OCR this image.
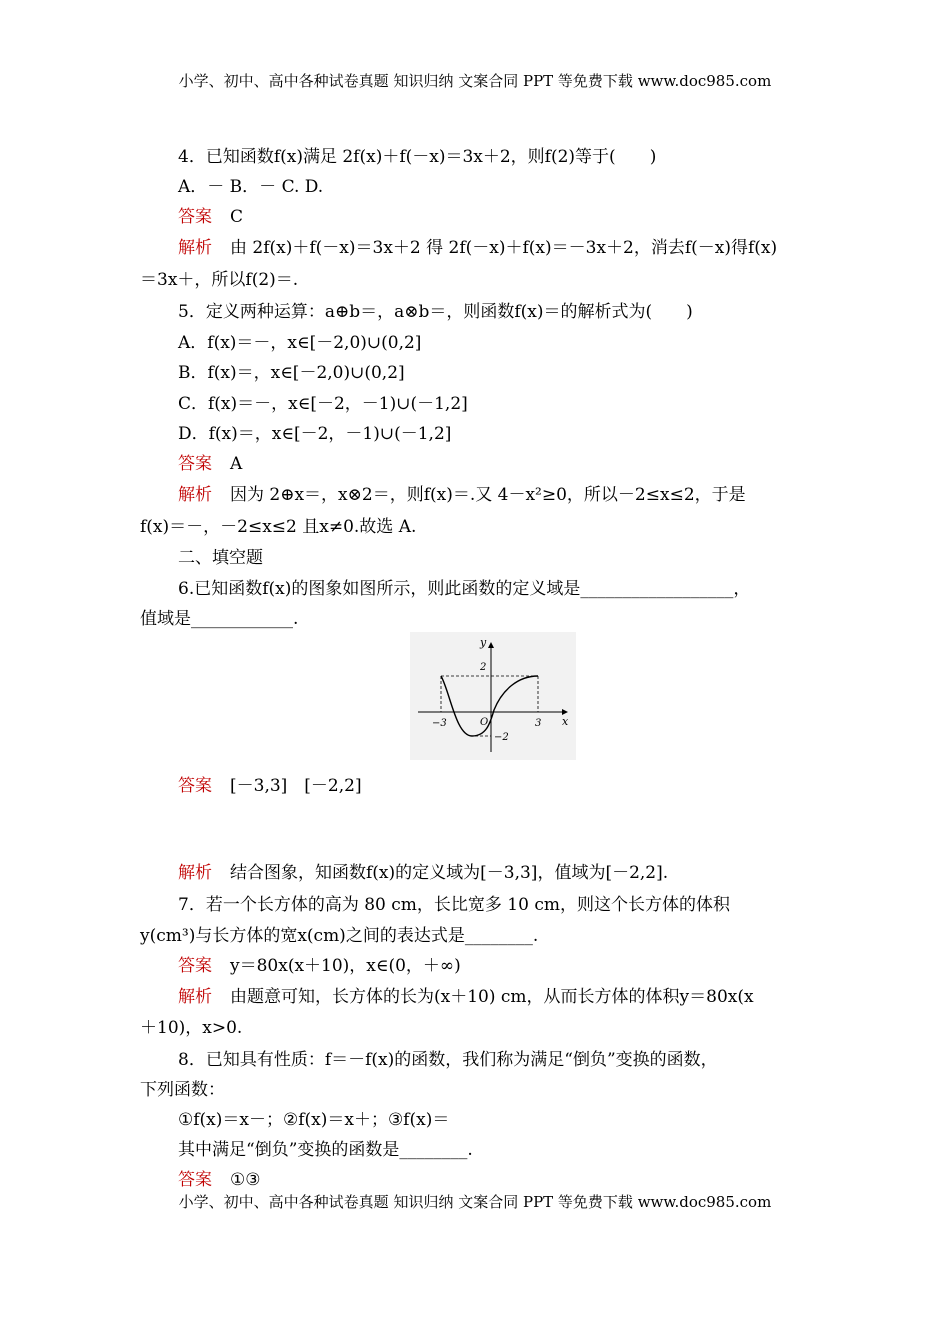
小学、初中、高中各种试卷真题 知识归纳 文案合同 PPT 等免费下载 www.doc985.com
4．已知函数f(x)满足 2f(x)＋f(－x)＝3x＋2，则f(2)等于(　　)
A．－ B．－ C. D.
答案 C
解析 由 2f(x)＋f(－x)＝3x＋2 得 2f(－x)＋f(x)＝－3x＋2，消去f(－x)得f(x)
＝3x＋，所以f(2)＝.
5．定义两种运算：a⊕b＝，a⊗b＝，则函数f(x)＝的解析式为(　　)
A．f(x)＝－，x∈[－2,0)∪(0,2]
B．f(x)＝，x∈[－2,0)∪(0,2]
C．f(x)＝－，x∈[－2，－1)∪(－1,2]
D．f(x)＝，x∈[－2，－1)∪(－1,2]
答案 A
解析 因为 2⊕x＝，x⊗2＝，则f(x)＝.又 4－x²≥0，所以－2≤x≤2，于是
f(x)＝－，－2≤x≤2 且x≠0.故选 A.
二、填空题
6.已知函数f(x)的图象如图所示，则此函数的定义域是__________________，
值域是____________.
y
x
2
−2
−3	3
O
答案 [－3,3]　[－2,2]
解析 结合图象，知函数f(x)的定义域为[－3,3]，值域为[－2,2].
7．若一个长方体的高为 80 cm，长比宽多 10 cm，则这个长方体的体积
y(cm³)与长方体的宽x(cm)之间的表达式是________.
答案 y＝80x(x＋10)，x∈(0，＋∞)
解析 由题意可知，长方体的长为(x＋10) cm，从而长方体的体积y＝80x(x
＋10)，x>0.
8．已知具有性质：f＝－f(x)的函数，我们称为满足“倒负”变换的函数，
下列函数：
①f(x)＝x－；②f(x)＝x＋；③f(x)＝
其中满足“倒负”变换的函数是________.
答案 ①③
小学、初中、高中各种试卷真题 知识归纳 文案合同 PPT 等免费下载 www.doc985.com
